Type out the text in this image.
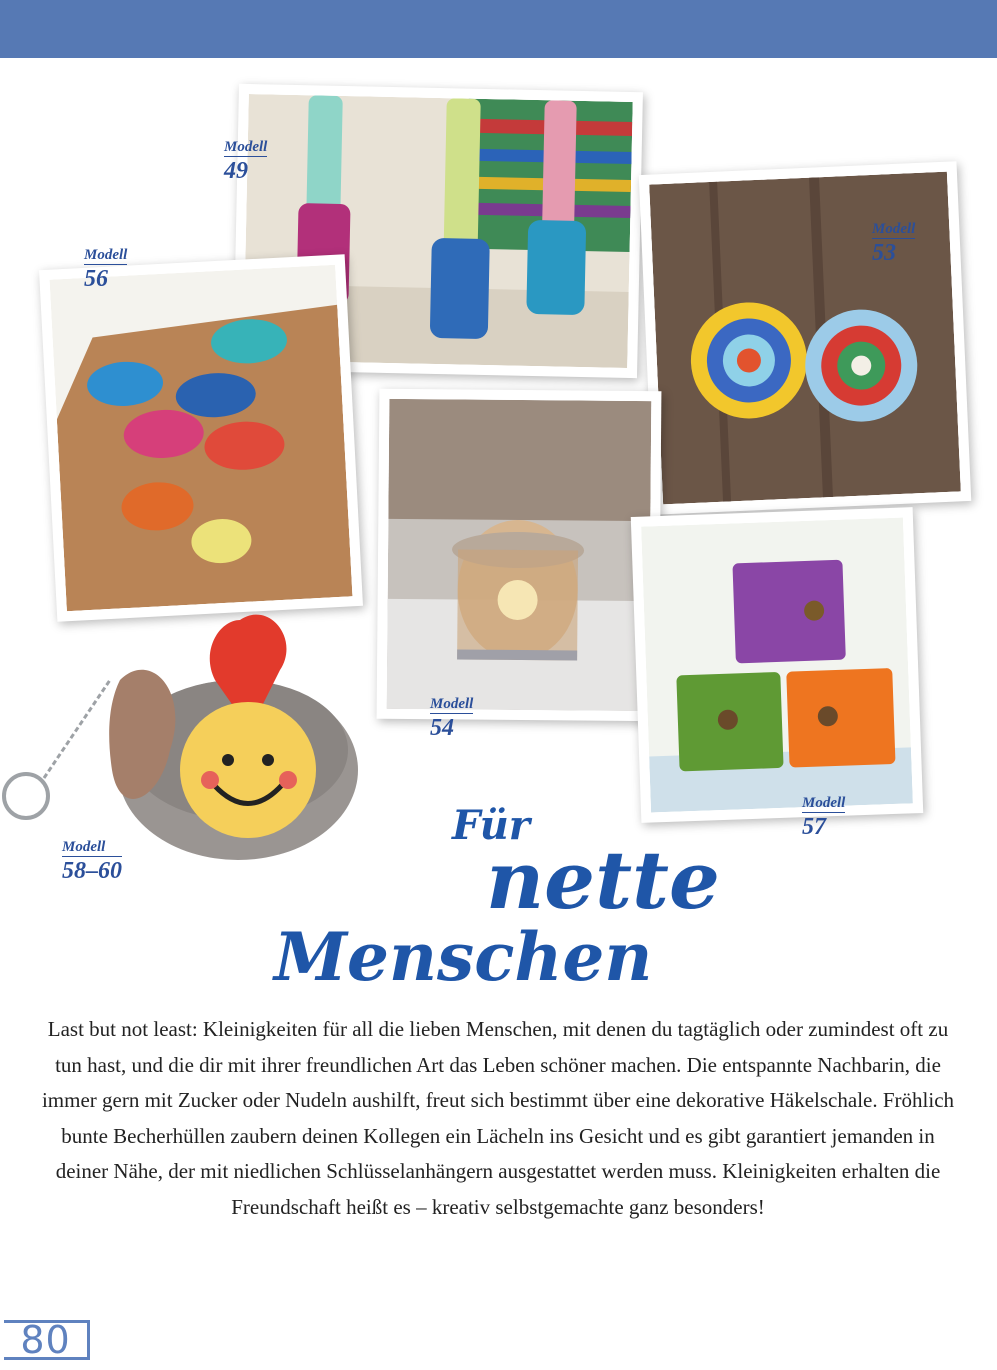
Modell
49
Modell
56
Modell
53
Modell
54
Modell
57
Modell
58–60
Für
nette
Menschen
Last but not least: Kleinigkeiten für all die lieben Menschen, mit denen du tagtäglich oder zumindest oft zu tun hast, und die dir mit ihrer freundlichen Art das Leben schöner machen. Die entspannte Nachbarin, die immer gern mit Zucker oder Nudeln aushilft, freut sich bestimmt über eine dekorative Häkelschale. Fröhlich bunte Becherhüllen zaubern deinen Kollegen ein Lächeln ins Gesicht und es gibt garantiert jemanden in deiner Nähe, der mit niedlichen Schlüsselanhängern ausgestattet werden muss. Kleinigkeiten erhalten die Freundschaft heißt es – kreativ selbstgemachte ganz besonders!
80
